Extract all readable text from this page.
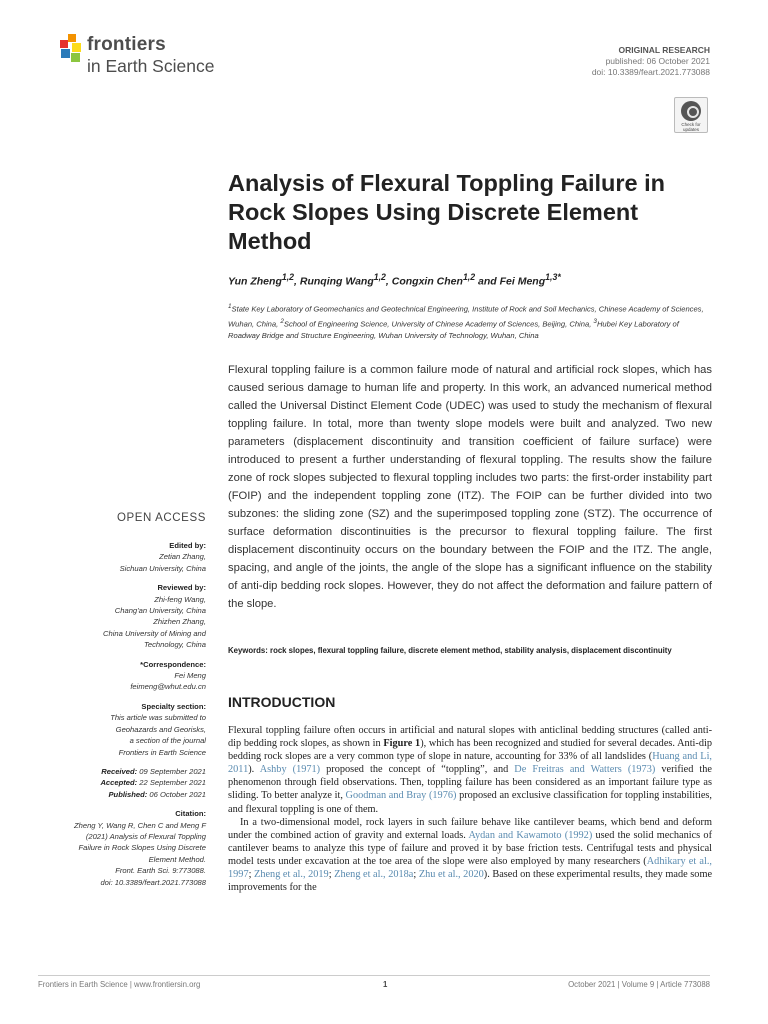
frontiers
in Earth Science
ORIGINAL RESEARCH
published: 06 October 2021
doi: 10.3389/feart.2021.773088
Check for
updates
Analysis of Flexural Toppling Failure in Rock Slopes Using Discrete Element Method
Yun Zheng$^{1,2}$, Runqing Wang$^{1,2}$, Congxin Chen$^{1,2}$ and Fei Meng$^{1,3*}$
$^1$State Key Laboratory of Geomechanics and Geotechnical Engineering, Institute of Rock and Soil Mechanics, Chinese Academy of Sciences, Wuhan, China, $^2$School of Engineering Science, University of Chinese Academy of Sciences, Beijing, China, $^3$Hubei Key Laboratory of Roadway Bridge and Structure Engineering, Wuhan University of Technology, Wuhan, China

Flexural toppling failure is a common failure mode of natural and artificial rock slopes, which has caused serious damage to human life and property. In this work, an advanced numerical method called the Universal Distinct Element Code (UDEC) was used to study the mechanism of flexural toppling failure. In total, more than twenty slope models were built and analyzed. Two new parameters (displacement discontinuity and transition coefficient of failure surface) were introduced to present a further understanding of flexural toppling. The results show the failure zone of rock slopes subjected to flexural toppling includes two parts: the first-order instability part (FOIP) and the independent toppling zone (ITZ). The FOIP can be further divided into two subzones: the sliding zone (SZ) and the superimposed toppling zone (STZ). The occurrence of surface deformation discontinuities is the precursor to flexural toppling failure. The first displacement discontinuity occurs on the boundary between the FOIP and the ITZ. The angle, spacing, and angle of the joints, the angle of the slope has a significant influence on the stability of anti-dip bedding rock slopes. However, they do not affect the deformation and failure pattern of the slope.

Keywords: rock slopes, flexural toppling failure, discrete element method, stability analysis, displacement discontinuity

INTRODUCTION

Flexural toppling failure often occurs in artificial and natural slopes with anticlinal bedding structures (called anti-dip bedding rock slopes, as shown in Figure 1), which has been recognized and studied for several decades. Anti-dip bedding rock slopes are a very common type of slope in nature, accounting for 33% of all landslides (Huang and Li, 2011). Ashby (1971) proposed the concept of “toppling”, and De Freitras and Watters (1973) verified the phenomenon through field observations. Then, toppling failure has been considered as an important failure type as sliding. To better analyze it, Goodman and Bray (1976) proposed an exclusive classification for toppling instabilities, and flexural toppling is one of them.

In a two-dimensional model, rock layers in such failure behave like cantilever beams, which bend and deform under the combined action of gravity and external loads. Aydan and Kawamoto (1992) used the solid mechanics of cantilever beams to analyze this type of failure and proved it by base friction tests. Centrifugal tests and physical model tests under excavation at the toe area of the slope were also employed by many researchers (Adhikary et al., 1997; Zheng et al., 2019; Zheng et al., 2018a; Zhu et al., 2020). Based on these experimental results, they made some improvements for the

OPEN ACCESS
Edited by:
Zetian Zhang,
Sichuan University, China
Reviewed by:
Zhi-feng Wang,
Chang'an University, China
Zhizhen Zhang,
China University of Mining and
Technology, China
*Correspondence:
Fei Meng
feimeng@whut.edu.cn
Specialty section:
This article was submitted to
Geohazards and Georisks,
a section of the journal
Frontiers in Earth Science
Received: 09 September 2021
Accepted: 22 September 2021
Published: 06 October 2021
Citation:
Zheng Y, Wang R, Chen C and Meng F
(2021) Analysis of Flexural Toppling
Failure in Rock Slopes Using Discrete
Element Method.
Front. Earth Sci. 9:773088.
doi: 10.3389/feart.2021.773088
Frontiers in Earth Science | www.frontiersin.org	1	October 2021 | Volume 9 | Article 773088
